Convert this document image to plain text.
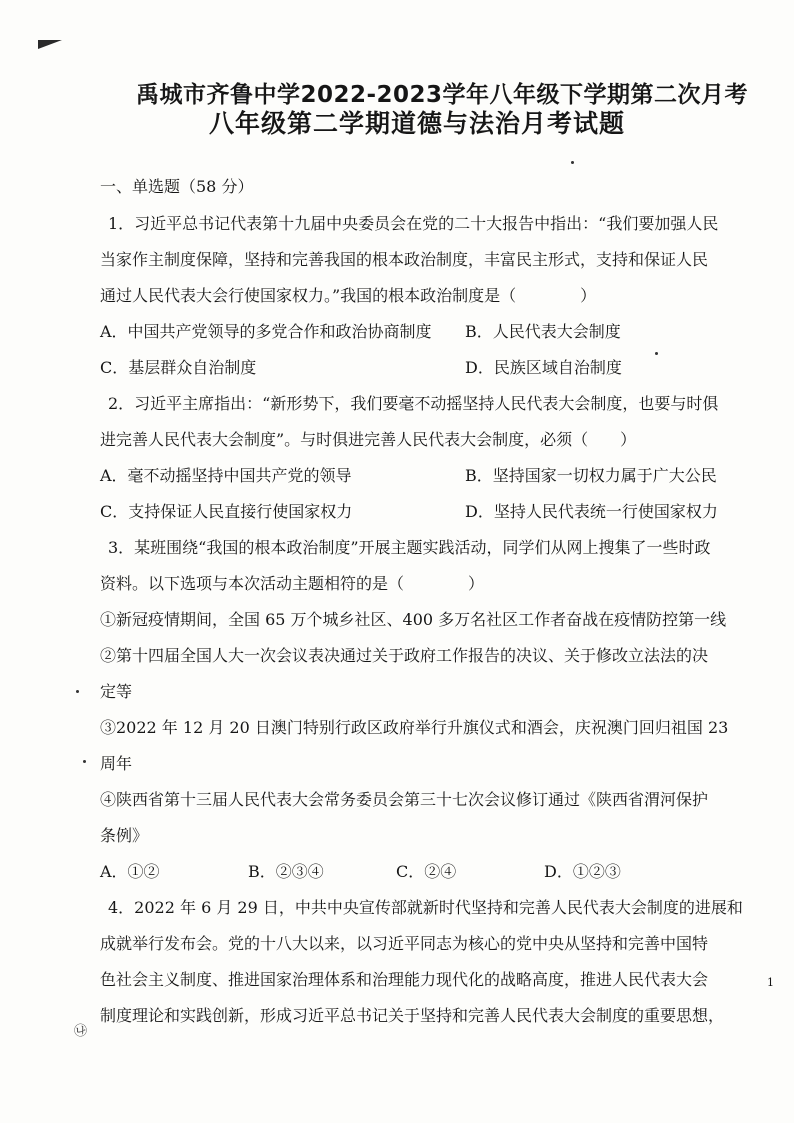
禹城市齐鲁中学2022-2023学年八年级下学期第二次月考
八年级第二学期道德与法治月考试题
一、单选题（58 分）
1．习近平总书记代表第十九届中央委员会在党的二十大报告中指出：“我们要加强人民
当家作主制度保障，坚持和完善我国的根本政治制度，丰富民主形式，支持和保证人民
通过人民代表大会行使国家权力。”我国的根本政治制度是（　　　　）
A．中国共产党领导的多党合作和政治协商制度	B．人民代表大会制度
C．基层群众自治制度	D．民族区域自治制度
2．习近平主席指出：“新形势下，我们要毫不动摇坚持人民代表大会制度，也要与时俱
进完善人民代表大会制度”。与时俱进完善人民代表大会制度，必须（　　）
A．毫不动摇坚持中国共产党的领导	B．坚持国家一切权力属于广大公民
C．支持保证人民直接行使国家权力	D．坚持人民代表统一行使国家权力
3．某班围绕“我国的根本政治制度”开展主题实践活动，同学们从网上搜集了一些时政
资料。以下选项与本次活动主题相符的是（　　　　）
①新冠疫情期间，全国 65 万个城乡社区、400 多万名社区工作者奋战在疫情防控第一线
②第十四届全国人大一次会议表决通过关于政府工作报告的决议、关于修改立法法的决
定等
③2022 年 12 月 20 日澳门特别行政区政府举行升旗仪式和酒会，庆祝澳门回归祖国 23
周年
④陕西省第十三届人民代表大会常务委员会第三十七次会议修订通过《陕西省渭河保护
条例》
A．①②	B．②③④	C．②④	D．①②③
4．2022 年 6 月 29 日，中共中央宣传部就新时代坚持和完善人民代表大会制度的进展和
成就举行发布会。党的十八大以来，以习近平同志为核心的党中央从坚持和完善中国特
色社会主义制度、推进国家治理体系和治理能力现代化的战略高度，推进人民代表大会
制度理论和实践创新，形成习近平总书记关于坚持和完善人民代表大会制度的重要思想，
1
㉯
